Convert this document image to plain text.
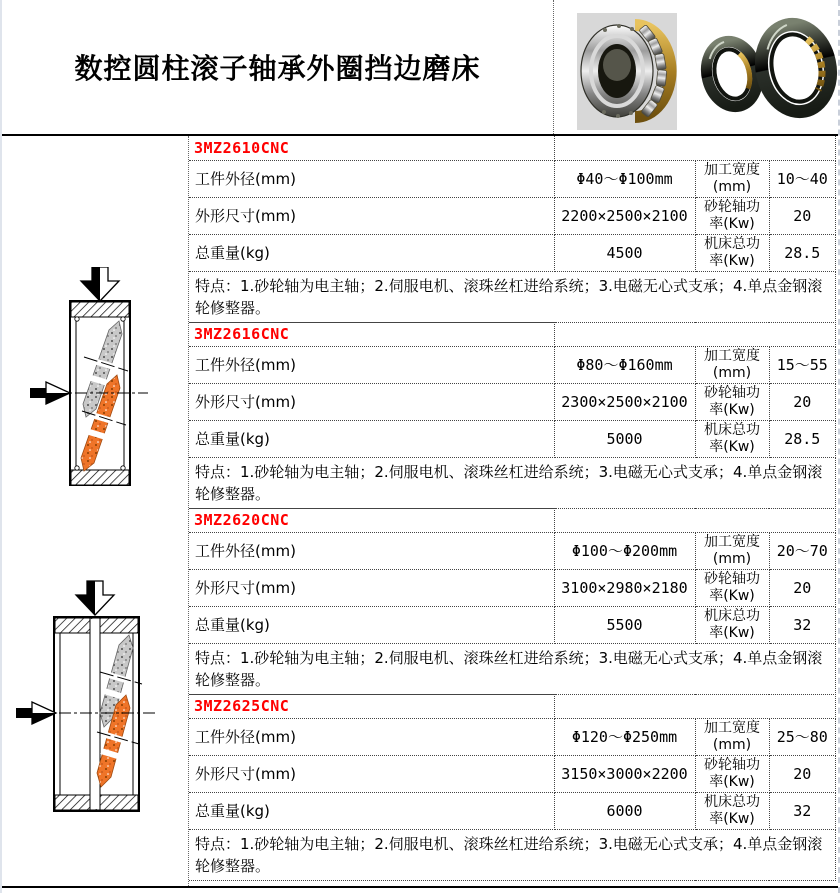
数控圆柱滚子轴承外圈挡边磨床
3MZ2610CNC			
工件外径(mm)	Φ40～Φ100mm	加工宽度(mm)	10～40
外形尺寸(mm)	2200×2500×2100	砂轮轴功率(Kw)	20
总重量(kg)	4500	机床总功率(Kw)	28.5
特点：1.砂轮轴为电主轴；2.伺服电机、滚珠丝杠进给系统；3.电磁无心式支承；4.单点金钢滚轮修整器。			
3MZ2616CNC			
工件外径(mm)	Φ80～Φ160mm	加工宽度(mm)	15～55
外形尺寸(mm)	2300×2500×2100	砂轮轴功率(Kw)	20
总重量(kg)	5000	机床总功率(Kw)	28.5
特点：1.砂轮轴为电主轴；2.伺服电机、滚珠丝杠进给系统；3.电磁无心式支承；4.单点金钢滚轮修整器。			
3MZ2620CNC			
工件外径(mm)	Φ100～Φ200mm	加工宽度(mm)	20～70
外形尺寸(mm)	3100×2980×2180	砂轮轴功率(Kw)	20
总重量(kg)	5500	机床总功率(Kw)	32
特点：1.砂轮轴为电主轴；2.伺服电机、滚珠丝杠进给系统；3.电磁无心式支承；4.单点金钢滚轮修整器。			
3MZ2625CNC			
工件外径(mm)	Φ120～Φ250mm	加工宽度(mm)	25～80
外形尺寸(mm)	3150×3000×2200	砂轮轴功率(Kw)	20
总重量(kg)	6000	机床总功率(Kw)	32
特点：1.砂轮轴为电主轴；2.伺服电机、滚珠丝杠进给系统；3.电磁无心式支承；4.单点金钢滚轮修整器。			
